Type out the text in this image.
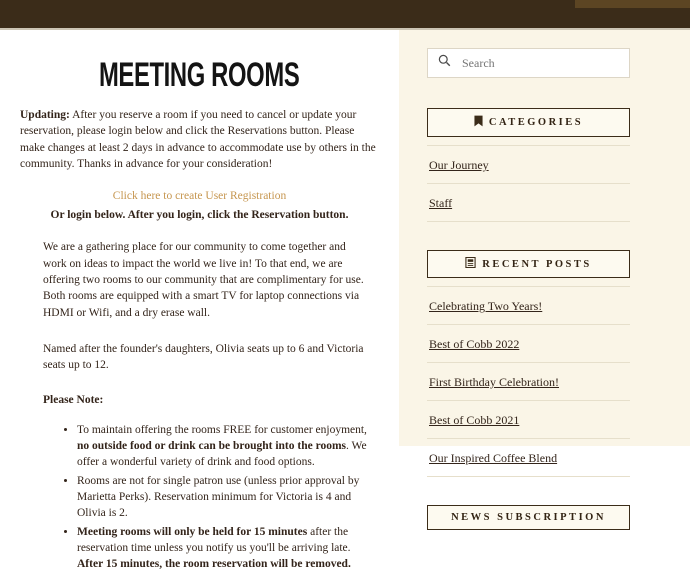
MEETING ROOMS

Updating: After you reserve a room if you need to cancel or update your reservation, please login below and click the Reservations button. Please make changes at least 2 days in advance to accommodate use by others in the community. Thanks in advance for your consideration!

Click here to create User Registration
Or login below. After you login, click the Reservation button.

We are a gathering place for our community to come together and work on ideas to impact the world we live in! To that end, we are offering two rooms to our community that are complimentary for use. Both rooms are equipped with a smart TV for laptop connections via HDMI or Wifi, and a dry erase wall.

Named after the founder's daughters, Olivia seats up to 6 and Victoria seats up to 12.

Please Note:

• To maintain offering the rooms FREE for customer enjoyment, no outside food or drink can be brought into the rooms. We offer a wonderful variety of drink and food options.
• Rooms are not for single patron use (unless prior approval by Marietta Perks). Reservation minimum for Victoria is 4 and Olivia is 2.
• Meeting rooms will only be held for 15 minutes after the reservation time unless you notify us you'll be arriving late. After 15 minutes, the room reservation will be removed.
Search
CATEGORIES
Our Journey
Staff
RECENT POSTS
Celebrating Two Years!
Best of Cobb 2022
First Birthday Celebration!
Best of Cobb 2021
Our Inspired Coffee Blend
NEWS SUBSCRIPTION
